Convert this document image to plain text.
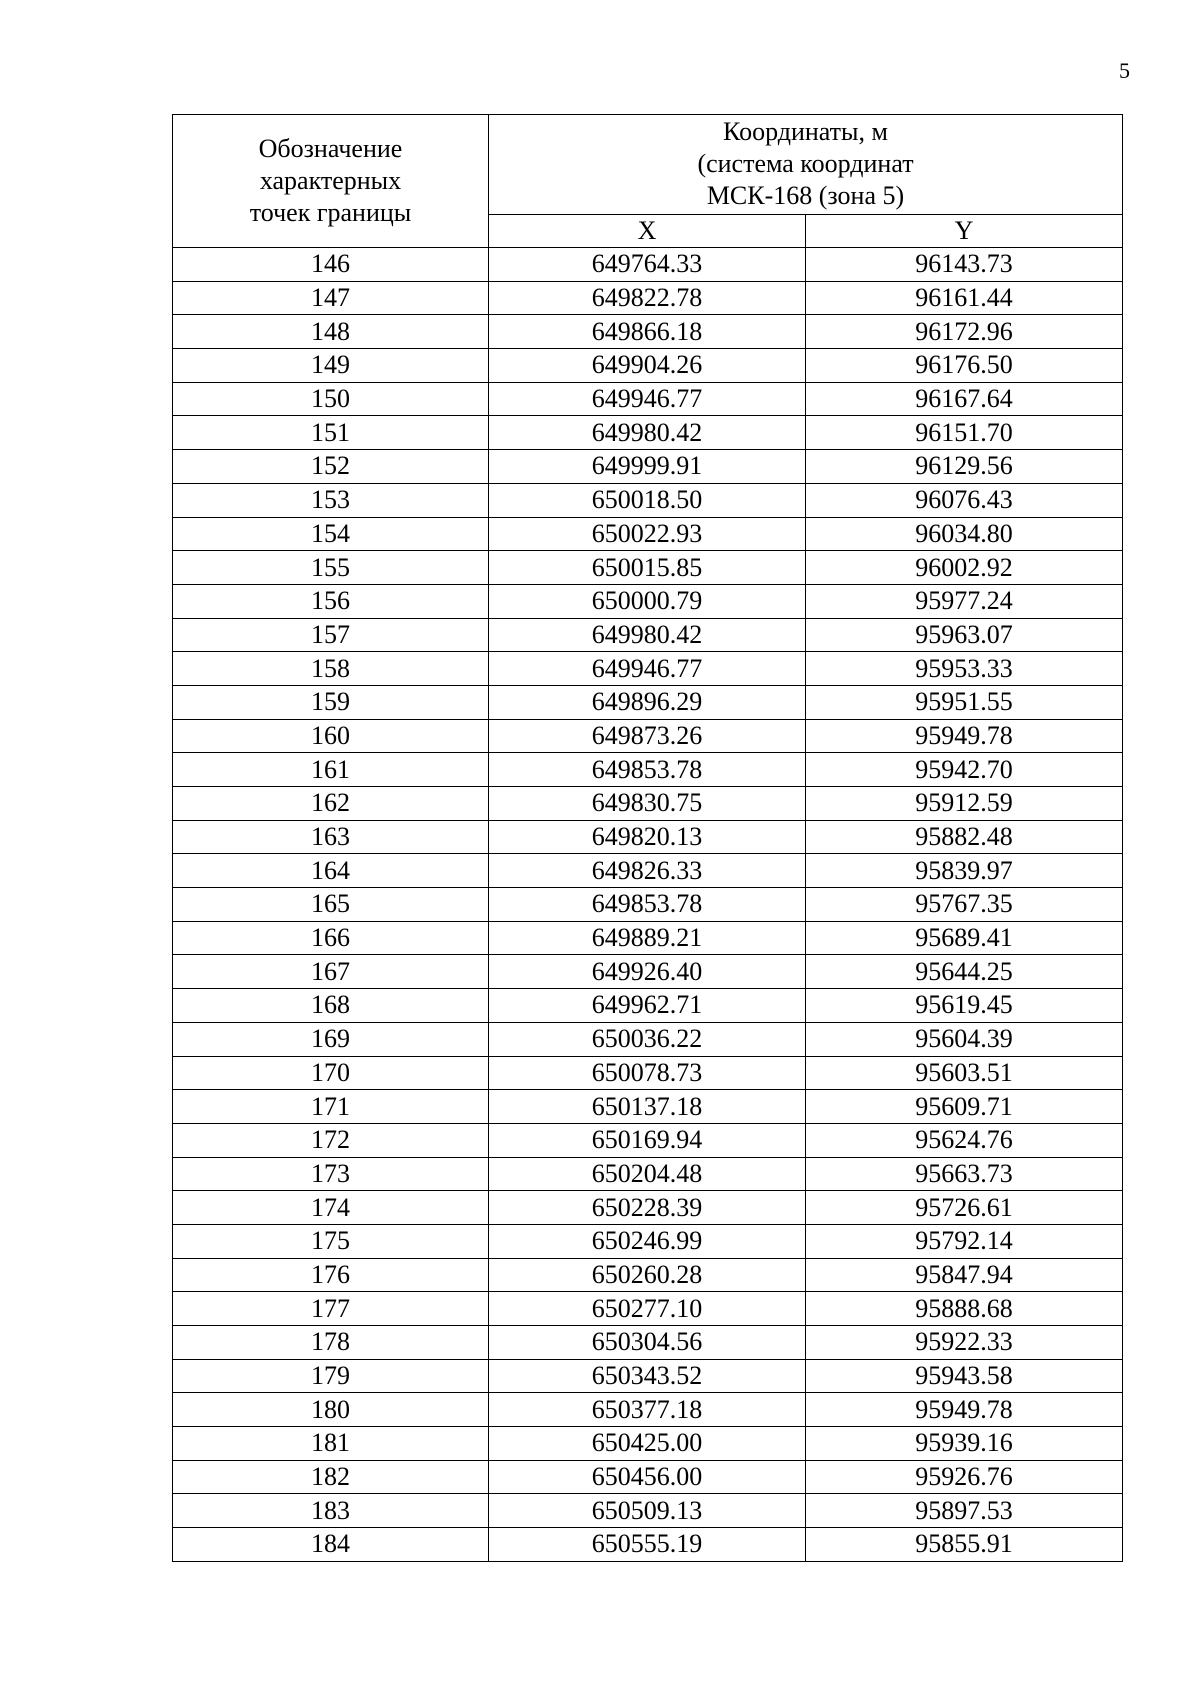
5
Обозначение
характерных
точек границы	Координаты, м
(система координат
МСК-168 (зона 5)	

	X	Y
146	649764.33	96143.73
147	649822.78	96161.44
148	649866.18	96172.96
149	649904.26	96176.50
150	649946.77	96167.64
151	649980.42	96151.70
152	649999.91	96129.56
153	650018.50	96076.43
154	650022.93	96034.80
155	650015.85	96002.92
156	650000.79	95977.24
157	649980.42	95963.07
158	649946.77	95953.33
159	649896.29	95951.55
160	649873.26	95949.78
161	649853.78	95942.70
162	649830.75	95912.59
163	649820.13	95882.48
164	649826.33	95839.97
165	649853.78	95767.35
166	649889.21	95689.41
167	649926.40	95644.25
168	649962.71	95619.45
169	650036.22	95604.39
170	650078.73	95603.51
171	650137.18	95609.71
172	650169.94	95624.76
173	650204.48	95663.73
174	650228.39	95726.61
175	650246.99	95792.14
176	650260.28	95847.94
177	650277.10	95888.68
178	650304.56	95922.33
179	650343.52	95943.58
180	650377.18	95949.78
181	650425.00	95939.16
182	650456.00	95926.76
183	650509.13	95897.53
184	650555.19	95855.91
